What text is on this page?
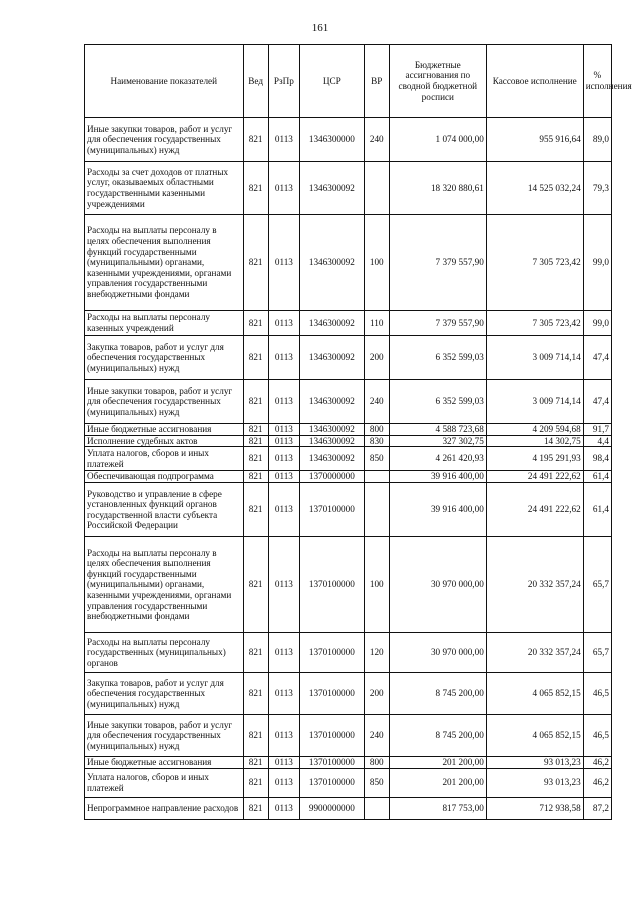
161
Наименование показателей	Вед	РзПр	ЦСР	ВР	Бюджетные ассигнования по сводной бюджетной росписи	Кассовое исполнение	% исполнения
Иные закупки товаров, работ и услуг для обеспечения государственных (муниципальных) нужд	821	0113	1346300000	240	1 074 000,00	955 916,64	89,0
Расходы за счет доходов от платных услуг, оказываемых областными государственными казенными учреждениями	821	0113	1346300092		18 320 880,61	14 525 032,24	79,3
Расходы на выплаты персоналу в целях обеспечения выполнения функций государственными (муниципальными) органами, казенными учреждениями, органами управления государственными внебюджетными фондами	821	0113	1346300092	100	7 379 557,90	7 305 723,42	99,0
Расходы на выплаты персоналу казенных учреждений	821	0113	1346300092	110	7 379 557,90	7 305 723,42	99,0
Закупка товаров, работ и услуг для обеспечения государственных (муниципальных) нужд	821	0113	1346300092	200	6 352 599,03	3 009 714,14	47,4
Иные закупки товаров, работ и услуг для обеспечения государственных (муниципальных) нужд	821	0113	1346300092	240	6 352 599,03	3 009 714,14	47,4
Иные бюджетные ассигнования	821	0113	1346300092	800	4 588 723,68	4 209 594,68	91,7
Исполнение судебных актов	821	0113	1346300092	830	327 302,75	14 302,75	4,4
Уплата налогов, сборов и иных платежей	821	0113	1346300092	850	4 261 420,93	4 195 291,93	98,4
Обеспечивающая подпрограмма	821	0113	1370000000		39 916 400,00	24 491 222,62	61,4
Руководство и управление в сфере установленных функций органов государственной власти субъекта Российской Федерации	821	0113	1370100000		39 916 400,00	24 491 222,62	61,4
Расходы на выплаты персоналу в целях обеспечения выполнения функций государственными (муниципальными) органами, казенными учреждениями, органами управления государственными внебюджетными фондами	821	0113	1370100000	100	30 970 000,00	20 332 357,24	65,7
Расходы на выплаты персоналу государственных (муниципальных) органов	821	0113	1370100000	120	30 970 000,00	20 332 357,24	65,7
Закупка товаров, работ и услуг для обеспечения государственных (муниципальных) нужд	821	0113	1370100000	200	8 745 200,00	4 065 852,15	46,5
Иные закупки товаров, работ и услуг для обеспечения государственных (муниципальных) нужд	821	0113	1370100000	240	8 745 200,00	4 065 852,15	46,5
Иные бюджетные ассигнования	821	0113	1370100000	800	201 200,00	93 013,23	46,2
Уплата налогов, сборов и иных платежей	821	0113	1370100000	850	201 200,00	93 013,23	46,2
Непрограммное направление расходов	821	0113	9900000000		817 753,00	712 938,58	87,2
